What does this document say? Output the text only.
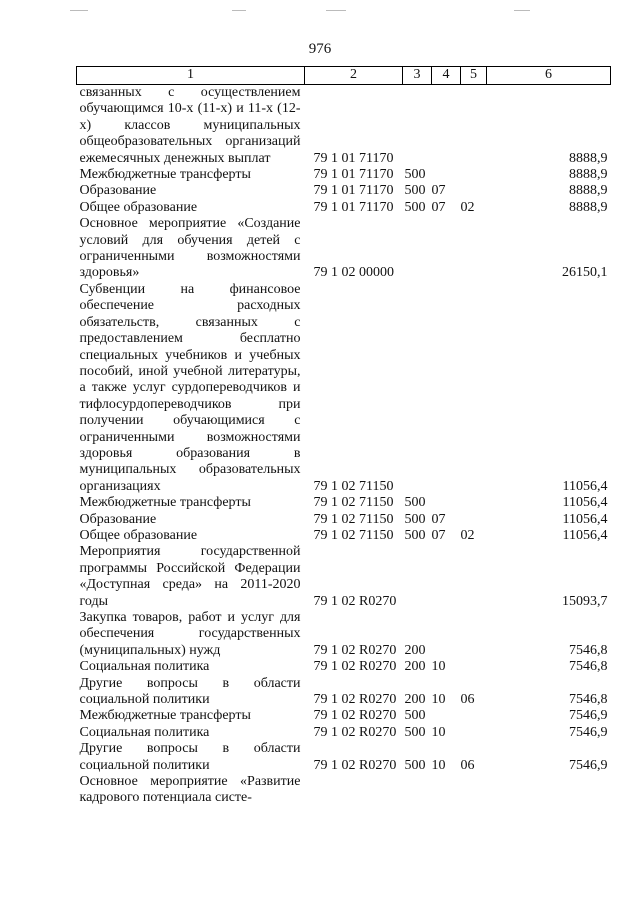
976
1	2	3	4	5	6
связанных с осуществлением обучающимся 10-х (11-х) и 11-х (12-х) классов муниципальных общеобразовательных организаций ежемесячных денежных выплат	79 1 01 71170				8888,9
Межбюджетные трансферты	79 1 01 71170	500			8888,9
Образование	79 1 01 71170	500	07		8888,9
Общее образование	79 1 01 71170	500	07	02	8888,9
Основное мероприятие «Создание условий для обучения детей с ограниченными возможностями здоровья»	79 1 02 00000				26150,1
Субвенции на финансовое обеспечение расходных обязательств, связанных с предоставлением бесплатно специальных учебников и учебных пособий, иной учебной литературы, а также услуг сурдопереводчиков и тифлосурдопереводчиков при получении обучающимися с ограниченными возможностями здоровья образования в муниципальных образовательных организациях	79 1 02 71150				11056,4
Межбюджетные трансферты	79 1 02 71150	500			11056,4
Образование	79 1 02 71150	500	07		11056,4
Общее образование	79 1 02 71150	500	07	02	11056,4
Мероприятия государственной программы Российской Федерации «Доступная среда» на 2011-2020 годы	79 1 02 R0270				15093,7
Закупка товаров, работ и услуг для обеспечения государственных (муниципальных) нужд	79 1 02 R0270	200			7546,8
Социальная политика	79 1 02 R0270	200	10		7546,8
Другие вопросы в области социальной политики	79 1 02 R0270	200	10	06	7546,8
Межбюджетные трансферты	79 1 02 R0270	500			7546,9
Социальная политика	79 1 02 R0270	500	10		7546,9
Другие вопросы в области социальной политики	79 1 02 R0270	500	10	06	7546,9
Основное мероприятие «Развитие кадрового потенциала систе-					
